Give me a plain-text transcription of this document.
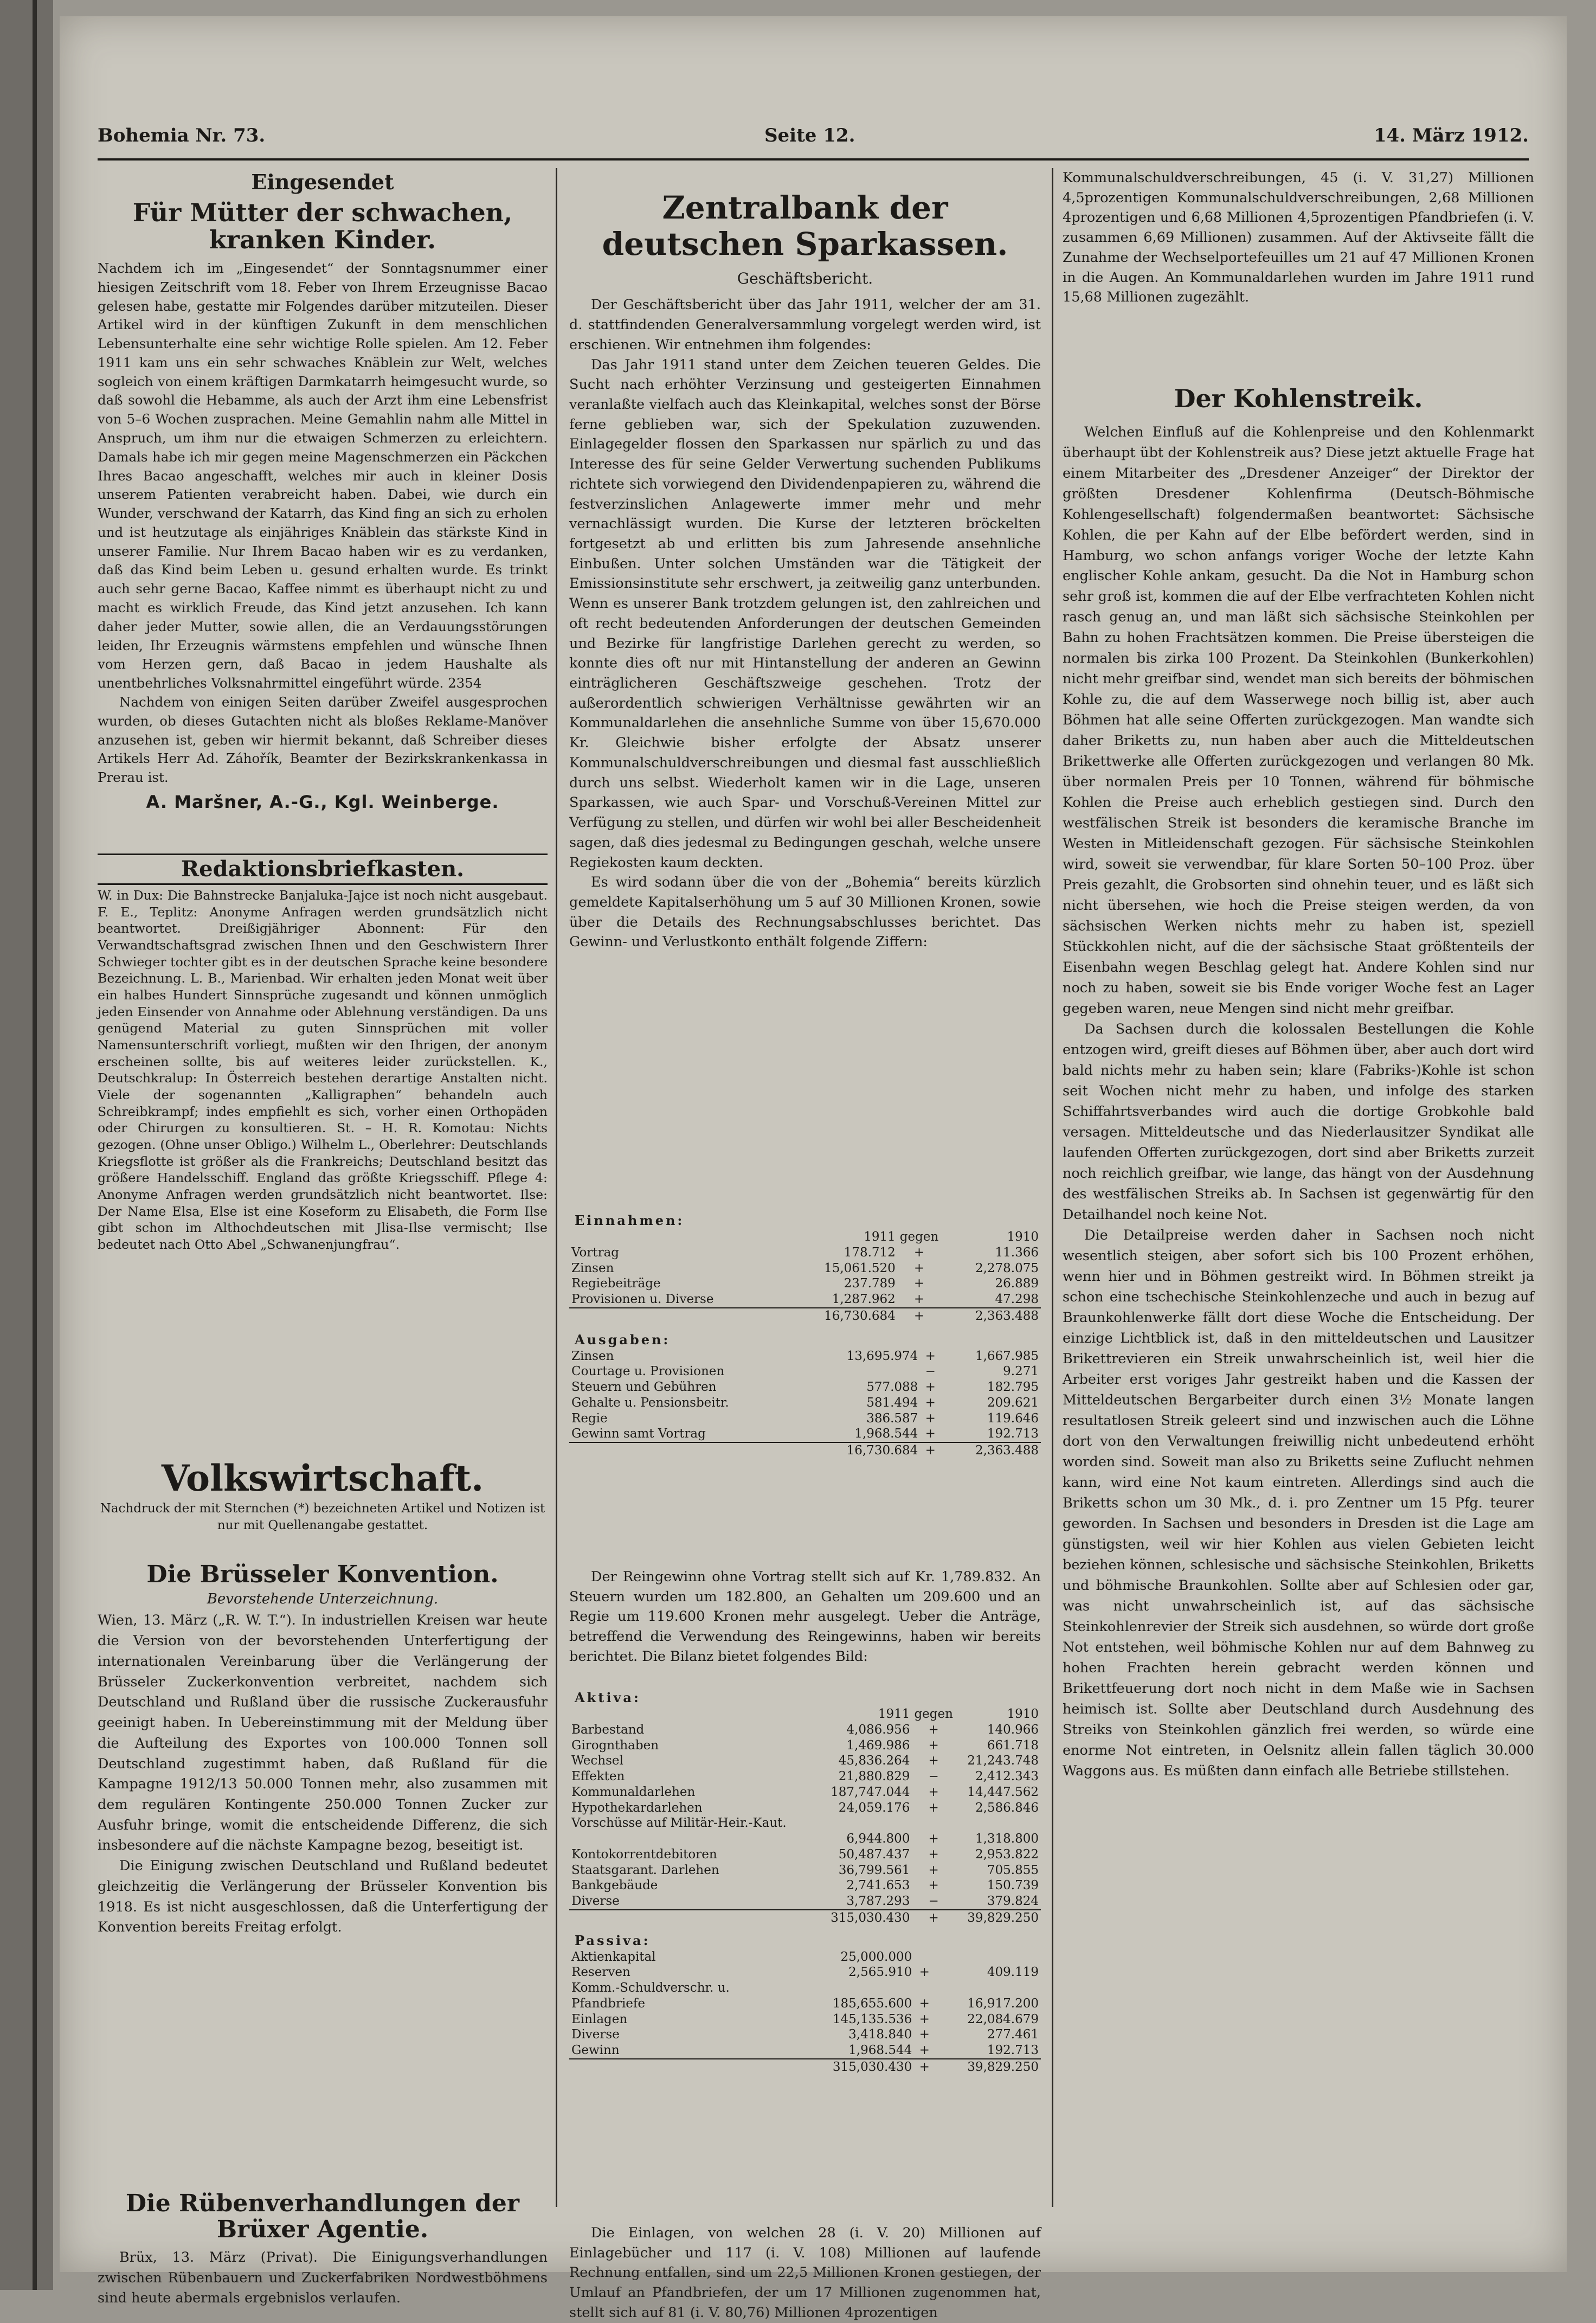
Bohemia Nr. 73.	Seite 12.	14. März 1912.

Eingesendet

Für Mütter der schwachen, kranken Kinder.

Nachdem ich im „Eingesendet“ der Sonntagsnummer einer hiesigen Zeitschrift vom 18. Feber von Ihrem Erzeugnisse Bacao gelesen habe, gestatte mir Folgendes darüber mitzuteilen. Dieser Artikel wird in der künftigen Zukunft in dem menschlichen Lebensunterhalte eine sehr wichtige Rolle spielen. Am 12. Feber 1911 kam uns ein sehr schwaches Knäblein zur Welt, welches sogleich von einem kräftigen Darmkatarrh heimgesucht wurde, so daß sowohl die Hebamme, als auch der Arzt ihm eine Lebensfrist von 5–6 Wochen zusprachen. Meine Gemahlin nahm alle Mittel in Anspruch, um ihm nur die etwaigen Schmerzen zu erleichtern. Damals habe ich mir gegen meine Magenschmerzen ein Päckchen Ihres Bacao angeschafft, welches mir auch in kleiner Dosis unserem Patienten verabreicht haben. Dabei, wie durch ein Wunder, verschwand der Katarrh, das Kind fing an sich zu erholen und ist heutzutage als einjähriges Knäblein das stärkste Kind in unserer Familie. Nur Ihrem Bacao haben wir es zu verdanken, daß das Kind beim Leben u. gesund erhalten wurde. Es trinkt auch sehr gerne Bacao, Kaffee nimmt es überhaupt nicht zu und macht es wirklich Freude, das Kind jetzt anzusehen. Ich kann daher jeder Mutter, sowie allen, die an Verdauungsstörungen leiden, Ihr Erzeugnis wärmstens empfehlen und wünsche Ihnen vom Herzen gern, daß Bacao in jedem Haushalte als unentbehrliches Volksnahrmittel eingeführt würde. 2354

Nachdem von einigen Seiten darüber Zweifel ausgesprochen wurden, ob dieses Gutachten nicht als bloßes Reklame-Manöver anzusehen ist, geben wir hiermit bekannt, daß Schreiber dieses Artikels Herr Ad. Záhořík, Beamter der Bezirkskrankenkassa in Prerau ist.

A. Maršner, A.-G., Kgl. Weinberge.

Redaktionsbriefkasten.

W. in Dux: Die Bahnstrecke Banjaluka-Jajce ist noch nicht ausgebaut. F. E., Teplitz: Anonyme Anfragen werden grundsätzlich nicht beantwortet. Dreißigjähriger Abonnent: Für den Verwandtschaftsgrad zwischen Ihnen und den Geschwistern Ihrer Schwieger tochter gibt es in der deutschen Sprache keine besondere Bezeichnung. L. B., Marienbad. Wir erhalten jeden Monat weit über ein halbes Hundert Sinnsprüche zugesandt und können unmöglich jeden Einsender von Annahme oder Ablehnung verständigen. Da uns genügend Material zu guten Sinnsprüchen mit voller Namensunterschrift vorliegt, mußten wir den Ihrigen, der anonym erscheinen sollte, bis auf weiteres leider zurückstellen. K., Deutschkralup: In Österreich bestehen derartige Anstalten nicht. Viele der sogenannten „Kalligraphen“ behandeln auch Schreibkrampf; indes empfiehlt es sich, vorher einen Orthopäden oder Chirurgen zu konsultieren. St. – H. R. Komotau: Nichts gezogen. (Ohne unser Obligo.) Wilhelm L., Oberlehrer: Deutschlands Kriegsflotte ist größer als die Frankreichs; Deutschland besitzt das größere Handelsschiff. England das größte Kriegsschiff. Pflege 4: Anonyme Anfragen werden grundsätzlich nicht beantwortet. Ilse: Der Name Elsa, Else ist eine Koseform zu Elisabeth, die Form Ilse gibt schon im Althochdeutschen mit Jlisa-Ilse vermischt; Ilse bedeutet nach Otto Abel „Schwanenjungfrau“.

Volkswirtschaft.

Nachdruck der mit Sternchen (*) bezeichneten Artikel und Notizen ist nur mit Quellenangabe gestattet.

Die Brüsseler Konvention.

Bevorstehende Unterzeichnung.

Wien, 13. März („R. W. T.“). In industriellen Kreisen war heute die Version von der bevorstehenden Unterfertigung der internationalen Vereinbarung über die Verlängerung der Brüsseler Zuckerkonvention verbreitet, nachdem sich Deutschland und Rußland über die russische Zuckerausfuhr geeinigt haben. In Uebereinstimmung mit der Meldung über die Aufteilung des Exportes von 100.000 Tonnen soll Deutschland zugestimmt haben, daß Rußland für die Kampagne 1912/13 50.000 Tonnen mehr, also zusammen mit dem regulären Kontingente 250.000 Tonnen Zucker zur Ausfuhr bringe, womit die entscheidende Differenz, die sich insbesondere auf die nächste Kampagne bezog, beseitigt ist.

Die Einigung zwischen Deutschland und Rußland bedeutet gleichzeitig die Verlängerung der Brüsseler Konvention bis 1918. Es ist nicht ausgeschlossen, daß die Unterfertigung der Konvention bereits Freitag erfolgt.

Die Rübenverhandlungen der Brüxer Agentie.

Brüx, 13. März (Privat). Die Einigungsverhandlungen zwischen Rübenbauern und Zuckerfabriken Nordwestböhmens sind heute abermals ergebnislos verlaufen.

Zentralbank der deutschen Sparkassen.

Geschäftsbericht.

Der Geschäftsbericht über das Jahr 1911, welcher der am 31. d. stattfindenden Generalversammlung vorgelegt werden wird, ist erschienen. Wir entnehmen ihm folgendes:

Das Jahr 1911 stand unter dem Zeichen teueren Geldes. Die Sucht nach erhöhter Verzinsung und gesteigerten Einnahmen veranlaßte vielfach auch das Kleinkapital, welches sonst der Börse ferne geblieben war, sich der Spekulation zuzuwenden. Einlagegelder flossen den Sparkassen nur spärlich zu und das Interesse des für seine Gelder Verwertung suchenden Publikums richtete sich vorwiegend den Dividendenpapieren zu, während die festverzinslichen Anlagewerte immer mehr und mehr vernachlässigt wurden. Die Kurse der letzteren bröckelten fortgesetzt ab und erlitten bis zum Jahresende ansehnliche Einbußen. Unter solchen Umständen war die Tätigkeit der Emissionsinstitute sehr erschwert, ja zeitweilig ganz unterbunden. Wenn es unserer Bank trotzdem gelungen ist, den zahlreichen und oft recht bedeutenden Anforderungen der deutschen Gemeinden und Bezirke für langfristige Darlehen gerecht zu werden, so konnte dies oft nur mit Hintanstellung der anderen an Gewinn einträglicheren Geschäftszweige geschehen. Trotz der außerordentlich schwierigen Verhältnisse gewährten wir an Kommunaldarlehen die ansehnliche Summe von über 15,670.000 Kr. Gleichwie bisher erfolgte der Absatz unserer Kommunalschuldverschreibungen und diesmal fast ausschließlich durch uns selbst. Wiederholt kamen wir in die Lage, unseren Sparkassen, wie auch Spar- und Vorschuß-Vereinen Mittel zur Verfügung zu stellen, und dürfen wir wohl bei aller Bescheidenheit sagen, daß dies jedesmal zu Bedingungen geschah, welche unsere Regiekosten kaum deckten.

Es wird sodann über die von der „Bohemia“ bereits kürzlich gemeldete Kapitalserhöhung um 5 auf 30 Millionen Kronen, sowie über die Details des Rechnungsabschlusses berichtet. Das Gewinn- und Verlustkonto enthält folgende Ziffern:

Einnahmen:
	1911	gegen	1910
Vortrag	178.712	+	11.366
Zinsen	15,061.520	+	2,278.075
Regiebeiträge	237.789	+	26.889
Provisionen u. Diverse	1,287.962	+	47.298
	16,730.684	+	2,363.488
Ausgaben:
Zinsen	13,695.974	+	1,667.985
Courtage u. Provisionen		−	9.271
Steuern und Gebühren	577.088	+	182.795
Gehalte u. Pensionsbeitr.	581.494	+	209.621
Regie	386.587	+	119.646
Gewinn samt Vortrag	1,968.544	+	192.713
	16,730.684	+	2,363.488

Der Reingewinn ohne Vortrag stellt sich auf Kr. 1,789.832. An Steuern wurden um 182.800, an Gehalten um 209.600 und an Regie um 119.600 Kronen mehr ausgelegt. Ueber die Anträge, betreffend die Verwendung des Reingewinns, haben wir bereits berichtet. Die Bilanz bietet folgendes Bild:

Aktiva:
	1911	gegen	1910
Barbestand	4,086.956	+	140.966
Girognthaben	1,469.986	+	661.718
Wechsel	45,836.264	+	21,243.748
Effekten	21,880.829	−	2,412.343
Kommunaldarlehen	187,747.044	+	14,447.562
Hypothekardarlehen	24,059.176	+	2,586.846
Vorschüsse auf Militär-Heir.-Kaut.			
	6,944.800	+	1,318.800
Kontokorrentdebitoren	50,487.437	+	2,953.822
Staatsgarant. Darlehen	36,799.561	+	705.855
Bankgebäude	2,741.653	+	150.739
Diverse	3,787.293	−	379.824
	315,030.430	+	39,829.250
Passiva:
Aktienkapital	25,000.000		
Reserven	2,565.910	+	409.119
Komm.-Schuldverschr. u.			
Pfandbriefe	185,655.600	+	16,917.200
Einlagen	145,135.536	+	22,084.679
Diverse	3,418.840	+	277.461
Gewinn	1,968.544	+	192.713
	315,030.430	+	39,829.250

Die Einlagen, von welchen 28 (i. V. 20) Millionen auf Einlagebücher und 117 (i. V. 108) Millionen auf laufende Rechnung entfallen, sind um 22,5 Millionen Kronen gestiegen, der Umlauf an Pfandbriefen, der um 17 Millionen zugenommen hat, stellt sich auf 81 (i. V. 80,76) Millionen 4prozentigen

Kommunalschuldverschreibungen, 45 (i. V. 31,27) Millionen 4,5prozentigen Kommunalschuldverschreibungen, 2,68 Millionen 4prozentigen und 6,68 Millionen 4,5prozentigen Pfandbriefen (i. V. zusammen 6,69 Millionen) zusammen. Auf der Aktivseite fällt die Zunahme der Wechselportefeuilles um 21 auf 47 Millionen Kronen in die Augen. An Kommunaldarlehen wurden im Jahre 1911 rund 15,68 Millionen zugezählt.

Der Kohlenstreik.

Welchen Einfluß auf die Kohlenpreise und den Kohlenmarkt überhaupt übt der Kohlenstreik aus? Diese jetzt aktuelle Frage hat einem Mitarbeiter des „Dresdener Anzeiger“ der Direktor der größten Dresdener Kohlenfirma (Deutsch-Böhmische Kohlengesellschaft) folgendermaßen beantwortet: Sächsische Kohlen, die per Kahn auf der Elbe befördert werden, sind in Hamburg, wo schon anfangs voriger Woche der letzte Kahn englischer Kohle ankam, gesucht. Da die Not in Hamburg schon sehr groß ist, kommen die auf der Elbe verfrachteten Kohlen nicht rasch genug an, und man läßt sich sächsische Steinkohlen per Bahn zu hohen Frachtsätzen kommen. Die Preise übersteigen die normalen bis zirka 100 Prozent. Da Steinkohlen (Bunkerkohlen) nicht mehr greifbar sind, wendet man sich bereits der böhmischen Kohle zu, die auf dem Wasserwege noch billig ist, aber auch Böhmen hat alle seine Offerten zurückgezogen. Man wandte sich daher Briketts zu, nun haben aber auch die Mitteldeutschen Brikettwerke alle Offerten zurückgezogen und verlangen 80 Mk. über normalen Preis per 10 Tonnen, während für böhmische Kohlen die Preise auch erheblich gestiegen sind. Durch den westfälischen Streik ist besonders die keramische Branche im Westen in Mitleidenschaft gezogen. Für sächsische Steinkohlen wird, soweit sie verwendbar, für klare Sorten 50–100 Proz. über Preis gezahlt, die Grobsorten sind ohnehin teuer, und es läßt sich nicht übersehen, wie hoch die Preise steigen werden, da von sächsischen Werken nichts mehr zu haben ist, speziell Stückkohlen nicht, auf die der sächsische Staat größtenteils der Eisenbahn wegen Beschlag gelegt hat. Andere Kohlen sind nur noch zu haben, soweit sie bis Ende voriger Woche fest an Lager gegeben waren, neue Mengen sind nicht mehr greifbar.

Da Sachsen durch die kolossalen Bestellungen die Kohle entzogen wird, greift dieses auf Böhmen über, aber auch dort wird bald nichts mehr zu haben sein; klare (Fabriks-)Kohle ist schon seit Wochen nicht mehr zu haben, und infolge des starken Schiffahrtsverbandes wird auch die dortige Grobkohle bald versagen. Mitteldeutsche und das Niederlausitzer Syndikat alle laufenden Offerten zurückgezogen, dort sind aber Briketts zurzeit noch reichlich greifbar, wie lange, das hängt von der Ausdehnung des westfälischen Streiks ab. In Sachsen ist gegenwärtig für den Detailhandel noch keine Not.

Die Detailpreise werden daher in Sachsen noch nicht wesentlich steigen, aber sofort sich bis 100 Prozent erhöhen, wenn hier und in Böhmen gestreikt wird. In Böhmen streikt ja schon eine tschechische Steinkohlenzeche und auch in bezug auf Braunkohlenwerke fällt dort diese Woche die Entscheidung. Der einzige Lichtblick ist, daß in den mitteldeutschen und Lausitzer Brikettrevieren ein Streik unwahrscheinlich ist, weil hier die Arbeiter erst voriges Jahr gestreikt haben und die Kassen der Mitteldeutschen Bergarbeiter durch einen 3½ Monate langen resultatlosen Streik geleert sind und inzwischen auch die Löhne dort von den Verwaltungen freiwillig nicht unbedeutend erhöht worden sind. Soweit man also zu Briketts seine Zuflucht nehmen kann, wird eine Not kaum eintreten. Allerdings sind auch die Briketts schon um 30 Mk., d. i. pro Zentner um 15 Pfg. teurer geworden. In Sachsen und besonders in Dresden ist die Lage am günstigsten, weil wir hier Kohlen aus vielen Gebieten leicht beziehen können, schlesische und sächsische Steinkohlen, Briketts und böhmische Braunkohlen. Sollte aber auf Schlesien oder gar, was nicht unwahrscheinlich ist, auf das sächsische Steinkohlenrevier der Streik sich ausdehnen, so würde dort große Not entstehen, weil böhmische Kohlen nur auf dem Bahnweg zu hohen Frachten herein gebracht werden können und Brikettfeuerung dort noch nicht in dem Maße wie in Sachsen heimisch ist. Sollte aber Deutschland durch Ausdehnung des Streiks von Steinkohlen gänzlich frei werden, so würde eine enorme Not eintreten, in Oelsnitz allein fallen täglich 30.000 Waggons aus. Es müßten dann einfach alle Betriebe stillstehen.
